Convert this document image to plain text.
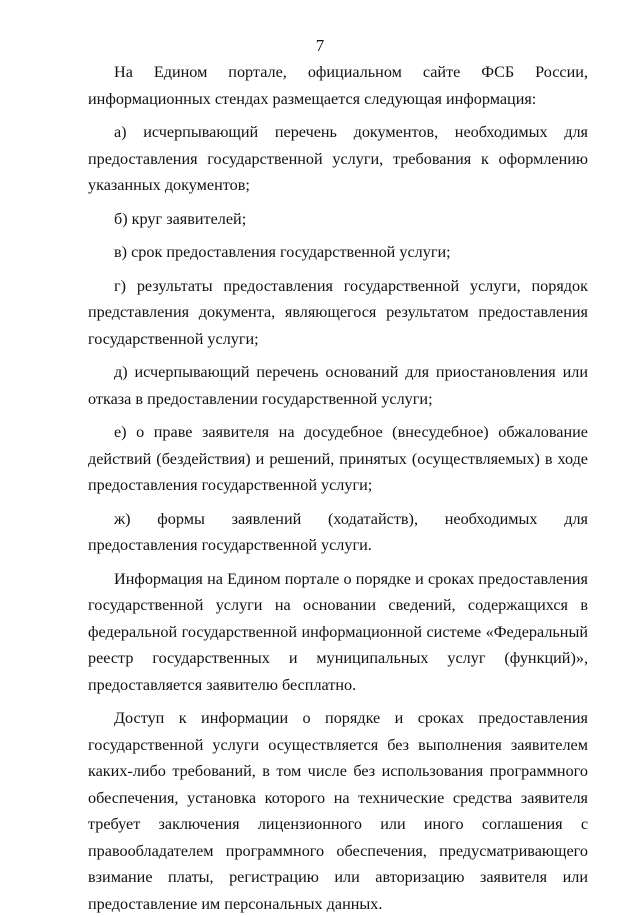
7

На Едином портале, официальном сайте ФСБ России, информационных стендах размещается следующая информация:

а) исчерпывающий перечень документов, необходимых для предоставления государственной услуги, требования к оформлению указанных документов;

б) круг заявителей;

в) срок предоставления государственной услуги;

г) результаты предоставления государственной услуги, порядок представления документа, являющегося результатом предоставления государственной услуги;

д) исчерпывающий перечень оснований для приостановления или отказа в предоставлении государственной услуги;

е) о праве заявителя на досудебное (внесудебное) обжалование действий (бездействия) и решений, принятых (осуществляемых) в ходе предоставления государственной услуги;

ж) формы заявлений (ходатайств), необходимых для предоставления государственной услуги.

Информация на Едином портале о порядке и сроках предоставления государственной услуги на основании сведений, содержащихся в федеральной государственной информационной системе «Федеральный реестр государственных и муниципальных услуг (функций)», предоставляется заявителю бесплатно.

Доступ к информации о порядке и сроках предоставления государственной услуги осуществляется без выполнения заявителем каких-либо требований, в том числе без использования программного обеспечения, установка которого на технические средства заявителя требует заключения лицензионного или иного соглашения с правообладателем программного обеспечения, предусматривающего взимание платы, регистрацию или авторизацию заявителя или предоставление им персональных данных.
